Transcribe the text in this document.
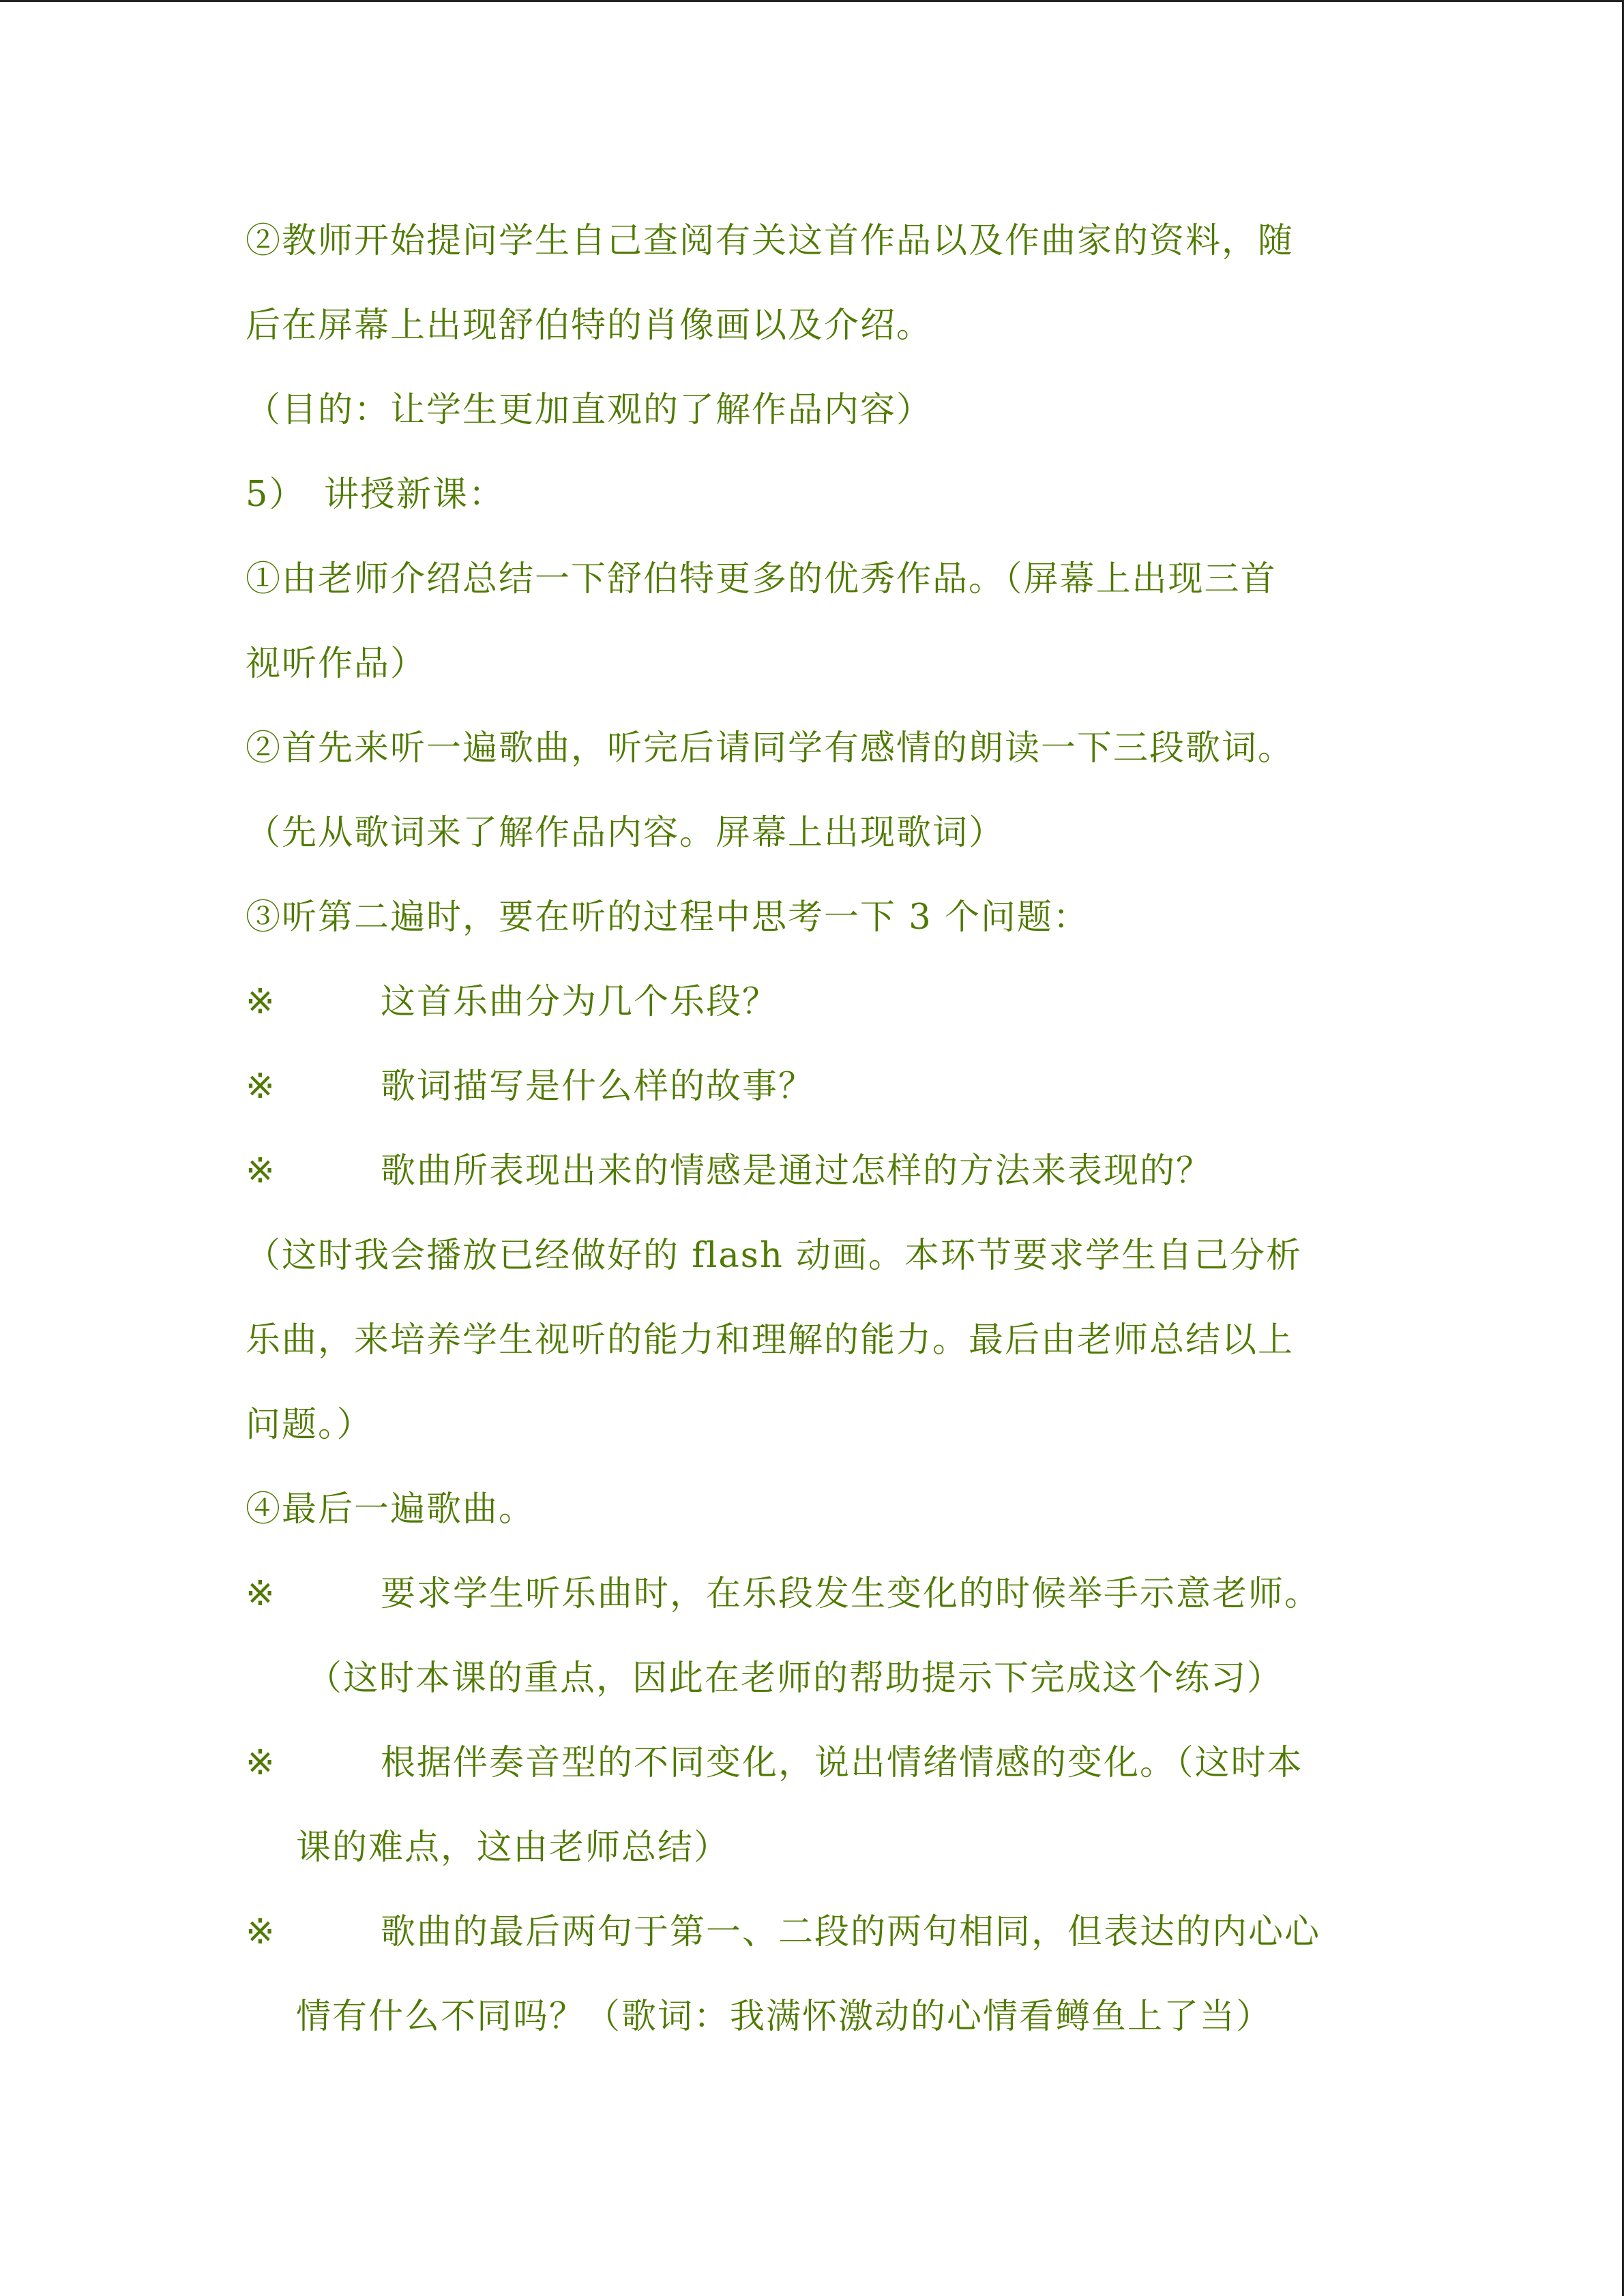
②教师开始提问学生自己查阅有关这首作品以及作曲家的资料，随
后在屏幕上出现舒伯特的肖像画以及介绍。
（目的：让学生更加直观的了解作品内容）
5）　讲授新课：
①由老师介绍总结一下舒伯特更多的优秀作品。（屏幕上出现三首
视听作品）
②首先来听一遍歌曲，听完后请同学有感情的朗读一下三段歌词。
（先从歌词来了解作品内容。屏幕上出现歌词）
③听第二遍时，要在听的过程中思考一下 3 个问题：
※	这首乐曲分为几个乐段？
※	歌词描写是什么样的故事？
※	歌曲所表现出来的情感是通过怎样的方法来表现的？
（这时我会播放已经做好的 flash 动画。本环节要求学生自己分析
乐曲，来培养学生视听的能力和理解的能力。最后由老师总结以上
问题。）
④最后一遍歌曲。
※	要求学生听乐曲时，在乐段发生变化的时候举手示意老师。
（这时本课的重点，因此在老师的帮助提示下完成这个练习）
※	根据伴奏音型的不同变化，说出情绪情感的变化。（这时本
课的难点，这由老师总结）
※	歌曲的最后两句于第一、二段的两句相同，但表达的内心心
情有什么不同吗？（歌词：我满怀激动的心情看鳟鱼上了当）
